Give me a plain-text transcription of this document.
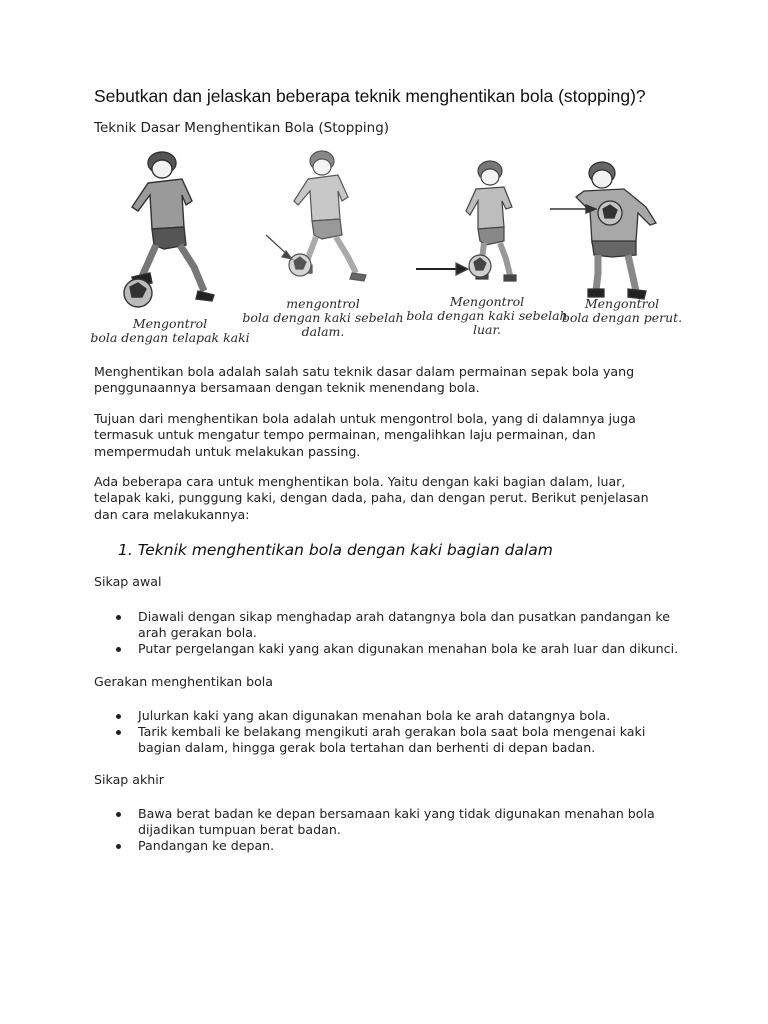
Sebutkan dan jelaskan beberapa teknik menghentikan bola (stopping)?
Teknik Dasar Menghentikan Bola (Stopping)
Mengontrol
bola dengan telapak kaki
mengontrol
bola dengan kaki sebelah
dalam.
Mengontrol
bola dengan kaki sebelah
luar.
Mengontrol
bola dengan perut.

Menghentikan bola adalah salah satu teknik dasar dalam permainan sepak bola yang penggunaannya bersamaan dengan teknik menendang bola.

Tujuan dari menghentikan bola adalah untuk mengontrol bola, yang di dalamnya juga termasuk untuk mengatur tempo permainan, mengalihkan laju permainan, dan mempermudah untuk melakukan passing.

Ada beberapa cara untuk menghentikan bola. Yaitu dengan kaki bagian dalam, luar, telapak kaki, punggung kaki, dengan dada, paha, dan dengan perut. Berikut penjelasan dan cara melakukannya:

1. Teknik menghentikan bola dengan kaki bagian dalam
Sikap awal
Diawali dengan sikap menghadap arah datangnya bola dan pusatkan pandangan ke arah gerakan bola.
Putar pergelangan kaki yang akan digunakan menahan bola ke arah luar dan dikunci.
Gerakan menghentikan bola
Julurkan kaki yang akan digunakan menahan bola ke arah datangnya bola.
Tarik kembali ke belakang mengikuti arah gerakan bola saat bola mengenai kaki bagian dalam, hingga gerak bola tertahan dan berhenti di depan badan.
Sikap akhir
Bawa berat badan ke depan bersamaan kaki yang tidak digunakan menahan bola dijadikan tumpuan berat badan.
Pandangan ke depan.
